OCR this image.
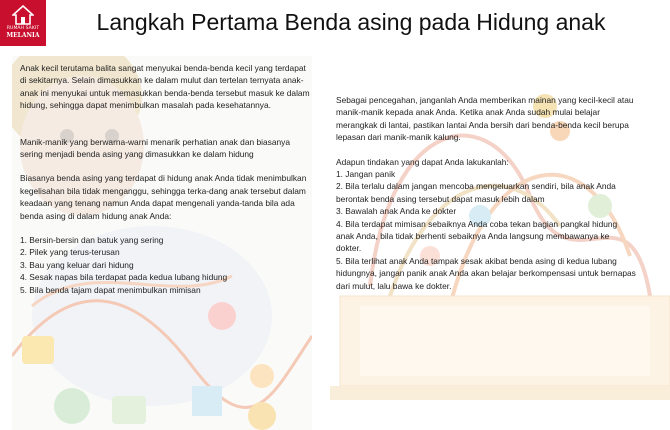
RUMAH SAKIT
MELANIA
Langkah Pertama Benda asing pada Hidung anak

Anak kecil terutama balita sangat menyukai benda-benda kecil yang terdapat di sekitarnya. Selain dimasukkan ke dalam mulut dan tertelan ternyata anak-anak ini menyukai untuk memasukkan benda-benda tersebut masuk ke dalam hidung, sehingga dapat menimbulkan masalah pada kesehatannya.

Manik-manik yang berwarna-warni menarik perhatian anak dan biasanya sering menjadi benda asing yang dimasukkan ke dalam hidung

Biasanya benda asing yang terdapat di hidung anak Anda tidak menimbulkan kegelisahan bila tidak menganggu, sehingga terka-dang anak tersebut dalam keadaan yang tenang namun Anda dapat mengenali yanda-tanda bila ada benda asing di dalam hidung anak Anda:

1. Bersin-bersin dan batuk yang sering
2. Pilek yang terus-terusan
3. Bau yang keluar dari hidung
4. Sesak napas bila terdapat pada kedua lubang hidung
5. Bila benda tajam dapat menimbulkan mimisan

Sebagai pencegahan, janganlah Anda memberikan mainan yang kecil-kecil atau manik-manik kepada anak Anda. Ketika anak Anda sudah mulai belajar merangkak di lantai, pastikan lantai Anda bersih dari benda-benda kecil berupa lepasan dari manik-manik kalung.

Adapun tindakan yang dapat Anda lakukanlah:

1. Jangan panik
2. Bila terlalu dalam jangan mencoba mengeluarkan sendiri, bila anak Anda berontak benda asing tersebut dapat masuk lebih dalam
3. Bawalah anak Anda ke dokter
4. Bila terdapat mimisan sebaiknya Anda coba tekan bagian pangkal hidung anak Anda, bila tidak berhenti sebaiknya Anda langsung membawanya ke dokter.
5. Bila terlihat anak Anda tampak sesak akibat benda asing di kedua lubang hidungnya, jangan panik anak Anda akan belajar berkompensasi untuk bernapas dari mulut, lalu bawa ke dokter.
